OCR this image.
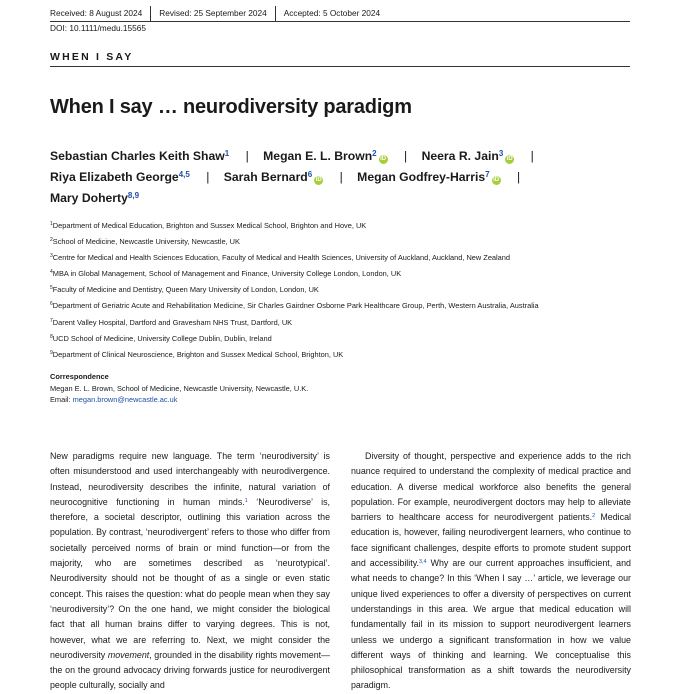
Received: 8 August 2024	Revised: 25 September 2024	Accepted: 5 October 2024
DOI: 10.1111/medu.15565
WHEN I SAY
When I say … neurodiversity paradigm
Sebastian Charles Keith Shaw$^1$ | Megan E. L. Brown$^2$iD | Neera R. Jain$^3$iD |
Riya Elizabeth George$^{4,5}$ | Sarah Bernard$^6$iD | Megan Godfrey-Harris$^7$iD |
Mary Doherty$^{8,9}$
$^1$Department of Medical Education, Brighton and Sussex Medical School, Brighton and Hove, UK
$^2$School of Medicine, Newcastle University, Newcastle, UK
$^3$Centre for Medical and Health Sciences Education, Faculty of Medical and Health Sciences, University of Auckland, Auckland, New Zealand
$^4$MBA in Global Management, School of Management and Finance, University College London, London, UK
$^5$Faculty of Medicine and Dentistry, Queen Mary University of London, London, UK
$^6$Department of Geriatric Acute and Rehabilitation Medicine, Sir Charles Gairdner Osborne Park Healthcare Group, Perth, Western Australia, Australia
$^7$Darent Valley Hospital, Dartford and Gravesham NHS Trust, Dartford, UK
$^8$UCD School of Medicine, University College Dublin, Dublin, Ireland
$^9$Department of Clinical Neuroscience, Brighton and Sussex Medical School, Brighton, UK
Correspondence
Megan E. L. Brown, School of Medicine, Newcastle University, Newcastle, U.K.
Email: megan.brown@newcastle.ac.uk

New paradigms require new language. The term ‘neurodiversity’ is often misunderstood and used interchangeably with neurodivergence. Instead, neurodiversity describes the infinite, natural variation of neurocognitive functioning in human minds.$^1$ ‘Neurodiverse’ is, therefore, a societal descriptor, outlining this variation across the population. By contrast, ‘neurodivergent’ refers to those who differ from societally perceived norms of brain or mind function—or from the majority, who are sometimes described as ‘neurotypical’. Neurodiversity should not be thought of as a single or even static concept. This raises the question: what do people mean when they say ‘neurodiversity’? On the one hand, we might consider the biological fact that all human brains differ to varying degrees. This is not, however, what we are referring to. Next, we might consider the neurodiversity movement, grounded in the disability rights movement—the on the ground advocacy driving forwards justice for neurodivergent people culturally, socially and

Diversity of thought, perspective and experience adds to the rich nuance required to understand the complexity of medical practice and education. A diverse medical workforce also benefits the general population. For example, neurodivergent doctors may help to alleviate barriers to healthcare access for neurodivergent patients.$^2$ Medical education is, however, failing neurodivergent learners, who continue to face significant challenges, despite efforts to promote student support and accessibility.$^{3,4}$ Why are our current approaches insufficient, and what needs to change? In this ‘When I say …’ article, we leverage our unique lived experiences to offer a diversity of perspectives on current understandings in this area. We argue that medical education will fundamentally fail in its mission to support neurodivergent learners unless we undergo a significant transformation in how we value different ways of thinking and learning. We conceptualise this philosophical transformation as a shift towards the neurodiversity paradigm.
